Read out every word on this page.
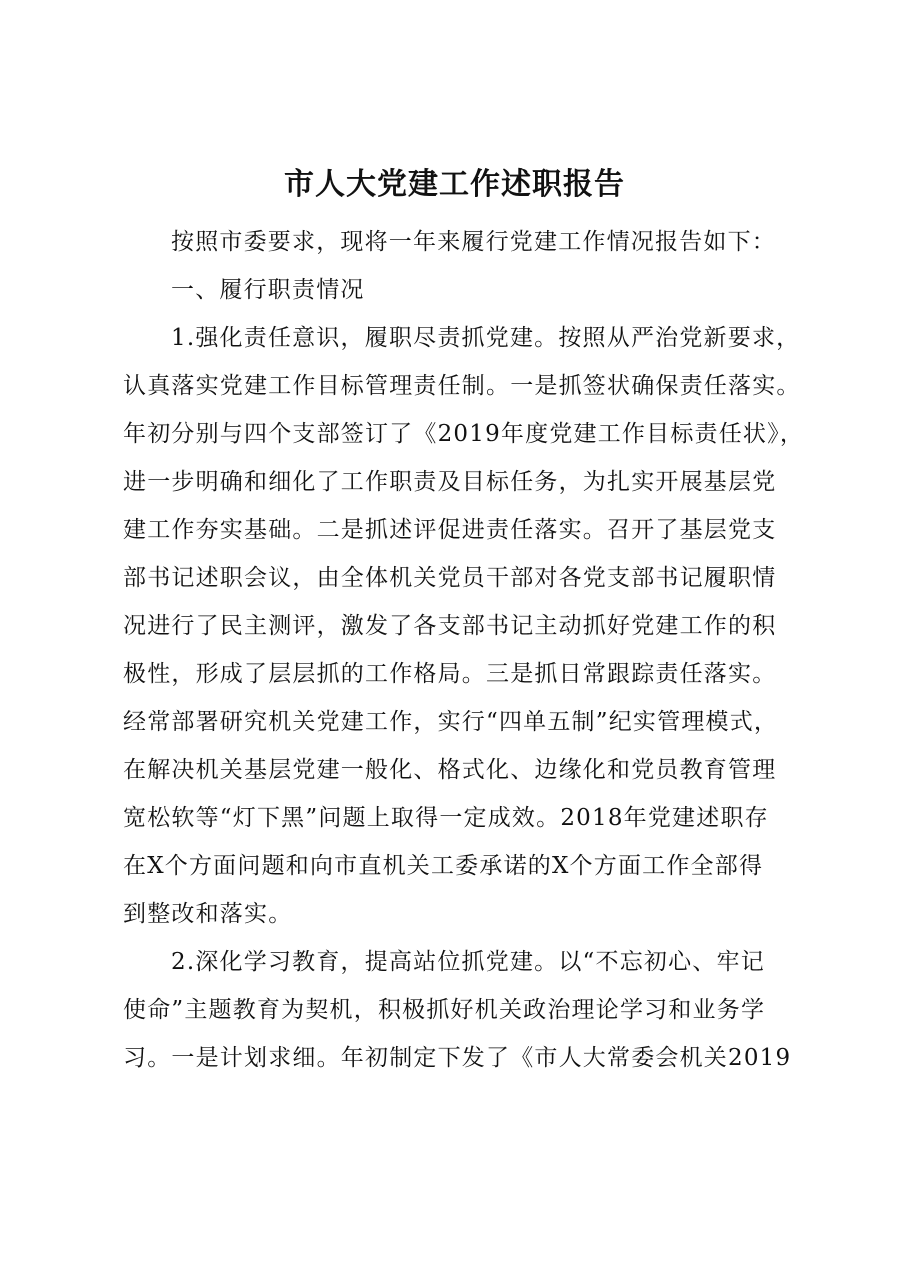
市人大党建工作述职报告
按照市委要求，现将一年来履行党建工作情况报告如下：
一、履行职责情况
1.强化责任意识，履职尽责抓党建。按照从严治党新要求，
认真落实党建工作目标管理责任制。一是抓签状确保责任落实。
年初分别与四个支部签订了《2019年度党建工作目标责任状》，
进一步明确和细化了工作职责及目标任务，为扎实开展基层党
建工作夯实基础。二是抓述评促进责任落实。召开了基层党支
部书记述职会议，由全体机关党员干部对各党支部书记履职情
况进行了民主测评，激发了各支部书记主动抓好党建工作的积
极性，形成了层层抓的工作格局。三是抓日常跟踪责任落实。
经常部署研究机关党建工作，实行“四单五制”纪实管理模式，
在解决机关基层党建一般化、格式化、边缘化和党员教育管理
宽松软等“灯下黑”问题上取得一定成效。2018年党建述职存
在X个方面问题和向市直机关工委承诺的X个方面工作全部得
到整改和落实。
2.深化学习教育，提高站位抓党建。以“不忘初心、牢记
使命”主题教育为契机，积极抓好机关政治理论学习和业务学
习。一是计划求细。年初制定下发了《市人大常委会机关2019
